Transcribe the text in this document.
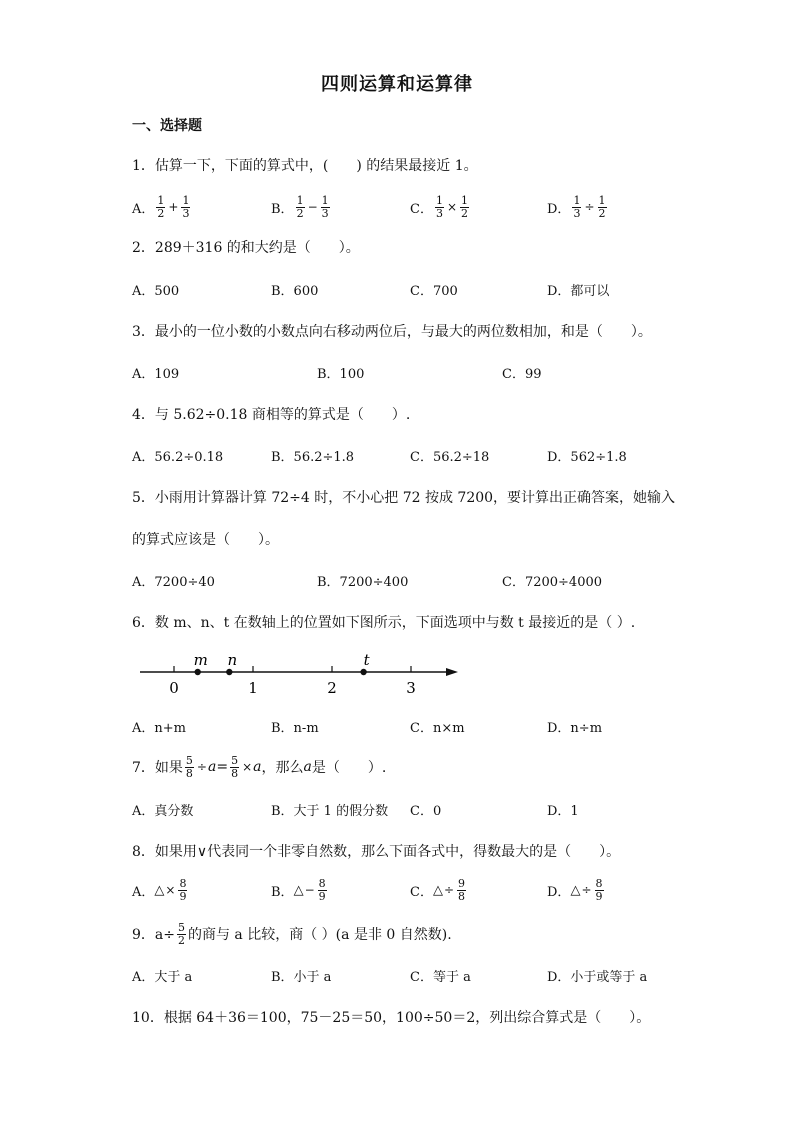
四则运算和运算律
一、选择题
1．估算一下，下面的算式中，(　　) 的结果最接近 1。
A． $\frac{1}{2} + \frac{1}{3}$	B． $\frac{1}{2} - \frac{1}{3}$	C． $\frac{1}{3} \times \frac{1}{2}$	D． $\frac{1}{3} \div \frac{1}{2}$
2．289＋316 的和大约是（　　）。
A．500	B．600	C．700	D．都可以
3．最小的一位小数的小数点向右移动两位后，与最大的两位数相加，和是（　　）。
A．109	B．100	C．99
4．与 5.62÷0.18 商相等的算式是（　　）.
A．56.2÷0.18	B．56.2÷1.8	C．56.2÷18	D．562÷1.8
5．小雨用计算器计算 72÷4 时，不小心把 72 按成 7200，要计算出正确答案，她输入
的算式应该是（　　）。
A．7200÷40	B．7200÷400	C．7200÷4000
6．数 m、n、t 在数轴上的位置如下图所示，下面选项中与数 t 最接近的是（ ）.
0	1	2	3
m n	t
A．n+m	B．n-m	C．n×m	D．n÷m
7．如果 $\frac{5}{8} \div a = \frac{5}{8} \times a$ ，那么 a 是（　　）.
A．真分数	B．大于 1 的假分数 C．0	D．1
8．如果用∨代表同一个非零自然数，那么下面各式中，得数最大的是（　　）。
A． △ × $\frac{8}{9}$	B． △ − $\frac{8}{9}$	C． △ ÷ $\frac{9}{8}$	D． △ ÷ $\frac{8}{9}$
9．$a\div \frac{5}{2}$ 的商与 a 比较，商（ ）(a 是非 0 自然数).
A．大于 a	B．小于 a	C．等于 a	D．小于或等于 a
10．根据 64＋36＝100，75－25＝50，100÷50＝2，列出综合算式是（　　）。
